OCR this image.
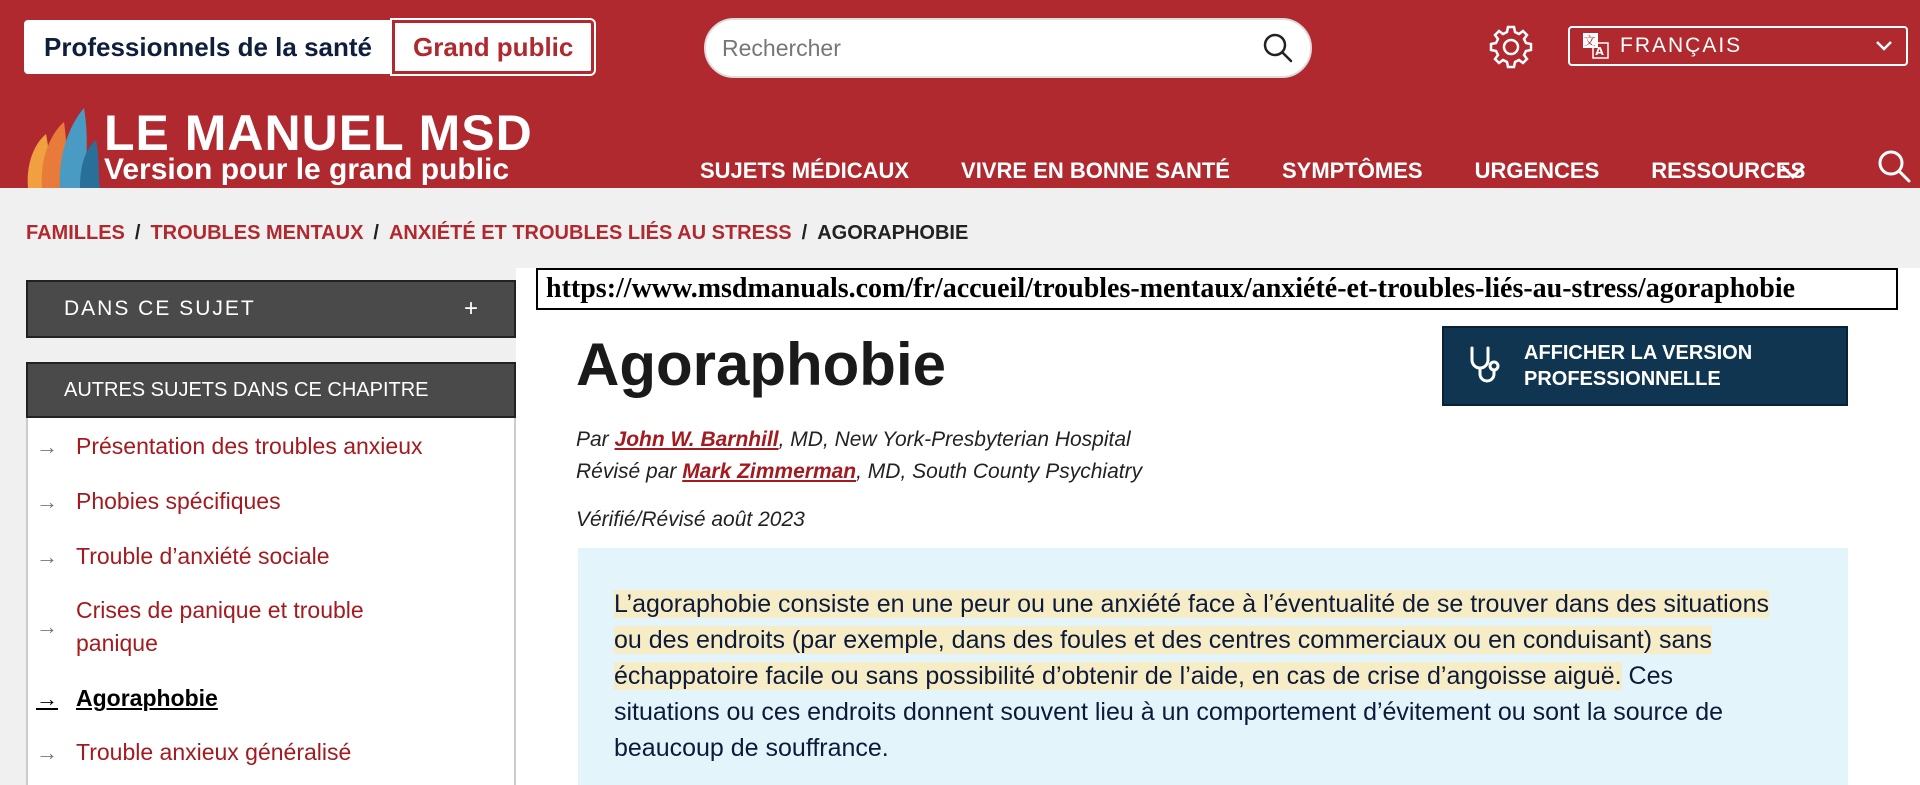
Professionnels de la santé	Grand public
Rechercher	文
A FRANÇAIS
LE MANUEL MSD
Version pour le grand public	SUJETS MÉDICAUX VIVRE EN BONNE SANTÉ SYMPTÔMES URGENCES RESSOURCES
FAMILLES / TROUBLES MENTAUX / ANXIÉTÉ ET TROUBLES LIÉS AU STRESS / AGORAPHOBIE
DANS CE SUJET	+
AUTRES SUJETS DANS CE CHAPITRE
→ Présentation des troubles anxieux
→ Phobies spécifiques
→ Trouble d’anxiété sociale
→
Crises de panique et trouble panique
→ Agoraphobie
→ Trouble anxieux généralisé
https://www.msdmanuals.com/fr/accueil/troubles-mentaux/anxiété-et-troubles-liés-au-stress/agoraphobie
Agoraphobie	AFFICHER LA VERSION PROFESSIONNELLE
Par John W. Barnhill, MD, New York-Presbyterian Hospital
Révisé par Mark Zimmerman, MD, South County Psychiatry
Vérifié/Révisé août 2023
L’agoraphobie consiste en une peur ou une anxiété face à l’éventualité de se trouver dans des situations ou des endroits (par exemple, dans des foules et des centres commerciaux ou en conduisant) sans échappatoire facile ou sans possibilité d’obtenir de l’aide, en cas de crise d’angoisse aiguë. Ces situations ou ces endroits donnent souvent lieu à un comportement d’évitement ou sont la source de beaucoup de souffrance.
